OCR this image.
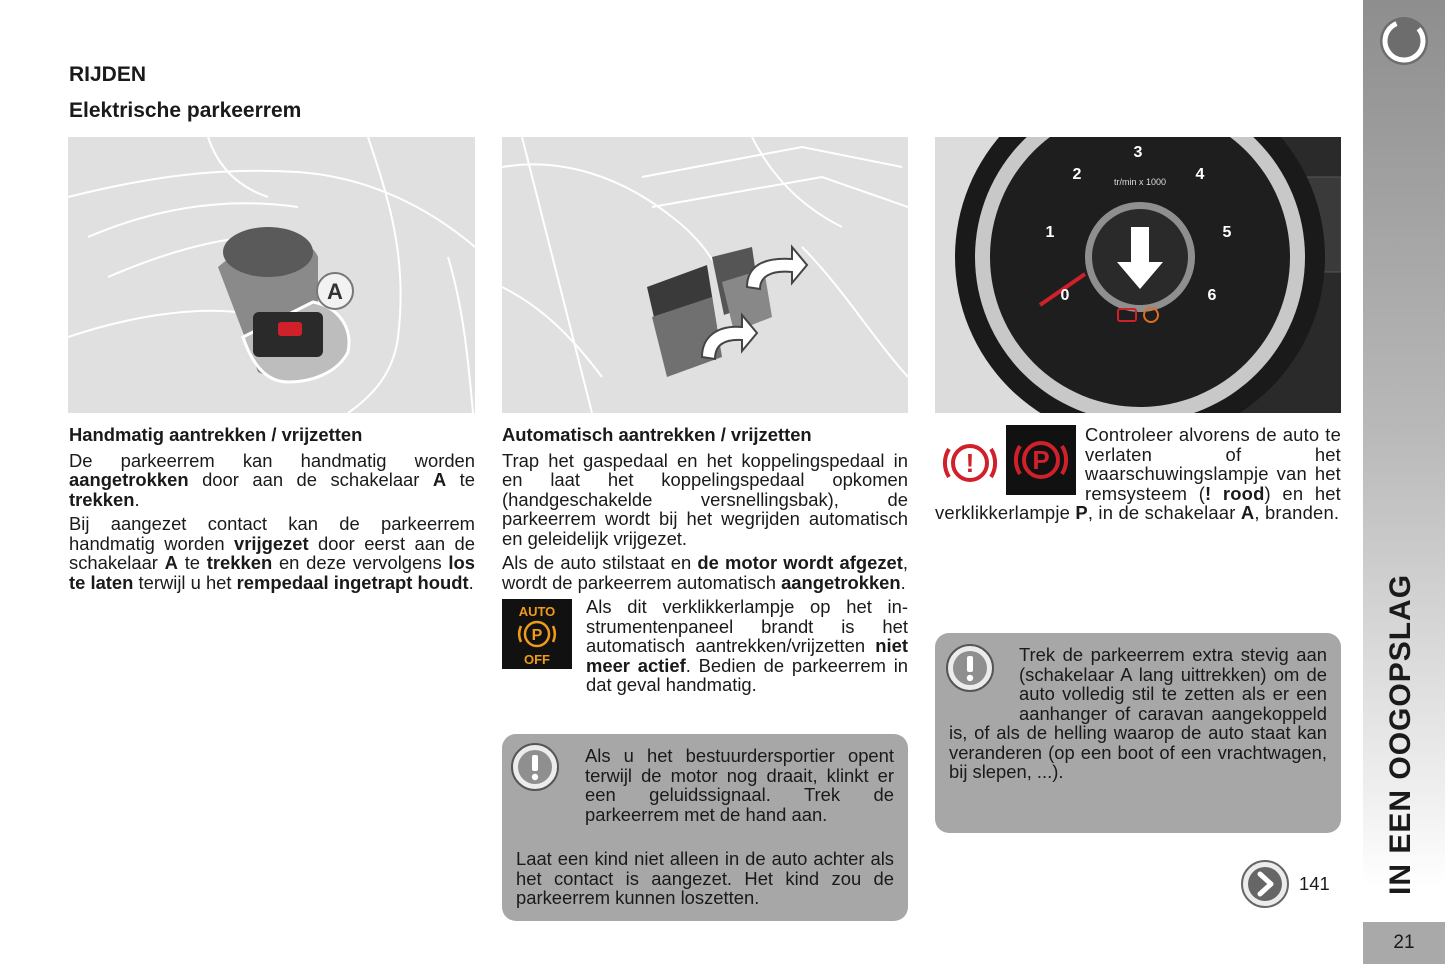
RIJDEN
Elektrische parkeerrem
A	0
1
2
3
4
5
6
tr/min x 1000

Handmatig aantrekken / vrijzetten

De parkeerrem kan handmatig worden aangetrokken door aan de schakelaar A te trekken.

Bij aangezet contact kan de parkeerrem handmatig worden vrijgezet door eerst aan de schakelaar A te trekken en deze vervolgens los te laten terwijl u het rempedaal ingetrapt houdt.

Automatisch aantrekken / vrijzetten

Trap het gaspedaal en het koppelingspedaal in en laat het koppelingspedaal opkomen (handgeschakelde versnellingsbak), de parkeerrem wordt bij het wegrijden automatisch en geleidelijk vrijgezet.

Als de auto stilstaat en de motor wordt afgezet, wordt de parkeerrem automatisch aangetrokken.

AUTO
P
OFF

Als dit verklikkerlampje op het instrumentenpaneel brandt is het automatisch aantrekken/vrijzetten niet meer actief. Bedien de parkeerrem in dat geval handmatig.

Als u het bestuurdersportier opent terwijl de motor nog draait, klinkt er een geluidssignaal. Trek de parkeerrem met de hand aan.

Laat een kind niet alleen in de auto achter als het contact is aangezet. Het kind zou de parkeerrem kunnen loszetten.

! P

Controleer alvorens de auto te verlaten of het waarschuwingslampje van het remsysteem (! rood) en het verklikkerlampje P, in de schakelaar A, branden.

Trek de parkeerrem extra stevig aan (schakelaar A lang uittrekken) om de auto volledig stil te zetten als er een aanhanger of caravan aangekoppeld is, of als de helling waarop de auto staat kan veranderen (op een boot of een vrachtwagen, bij slepen, ...).

141 IN EEN OOGOPSLAG
21
